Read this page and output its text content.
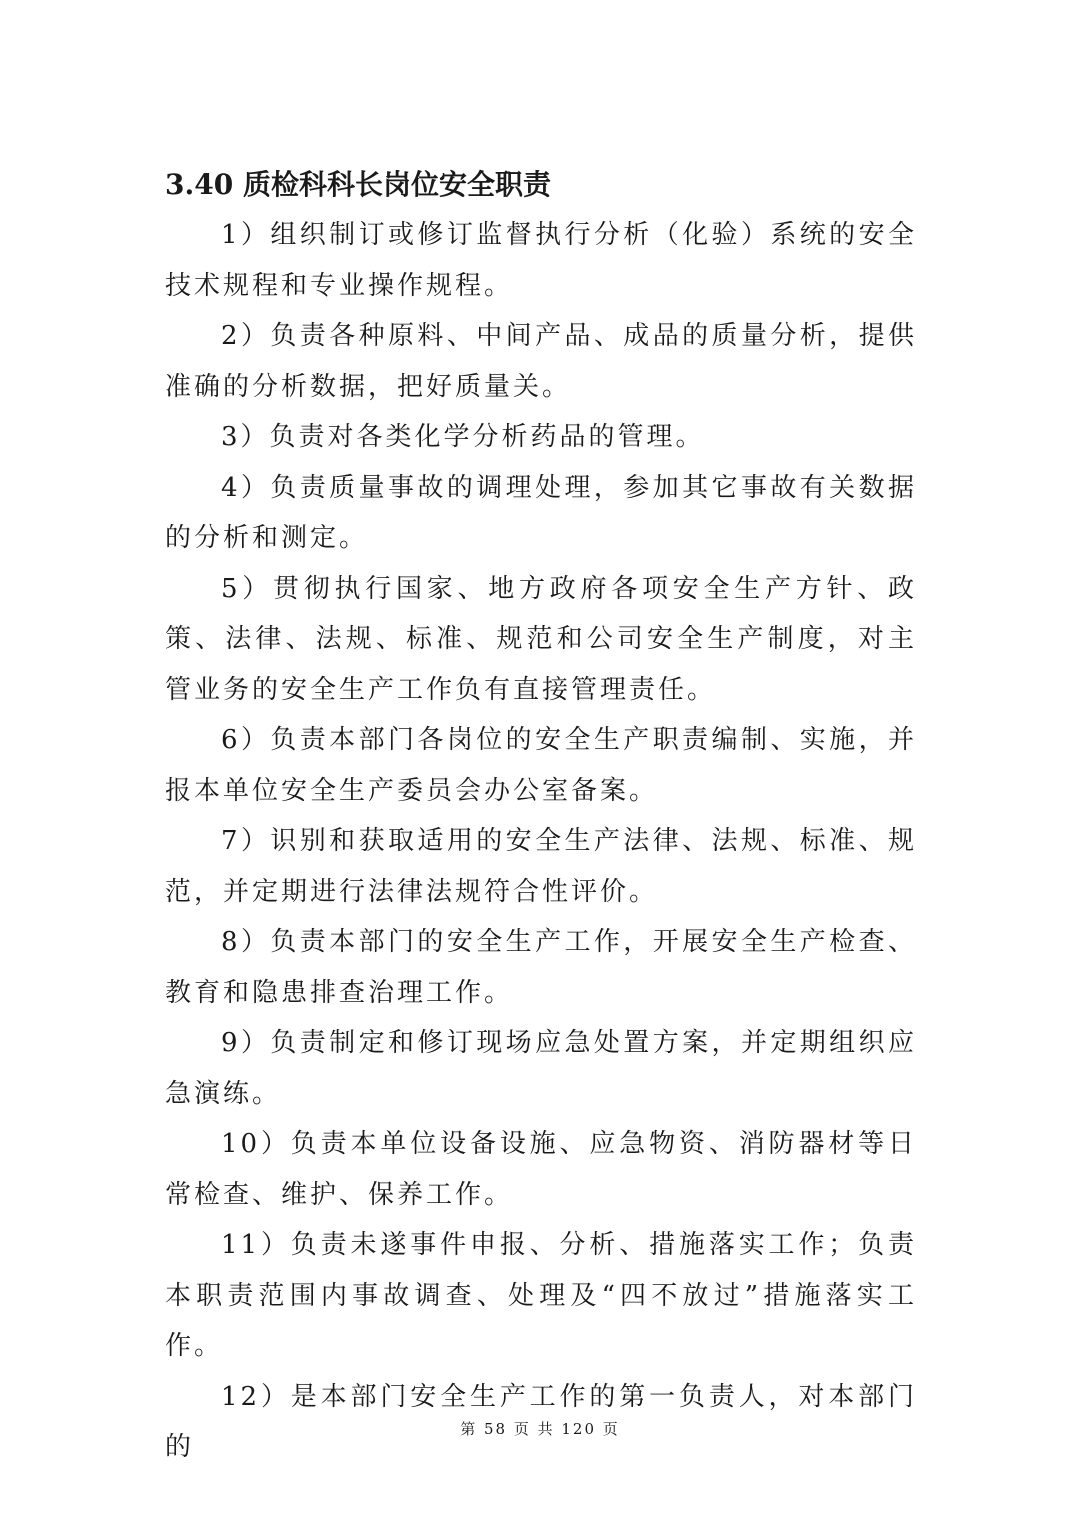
3.40 质检科科长岗位安全职责

1）组织制订或修订监督执行分析（化验）系统的安全技术规程和专业操作规程。

2）负责各种原料、中间产品、成品的质量分析，提供准确的分析数据，把好质量关。

3）负责对各类化学分析药品的管理。

4）负责质量事故的调理处理，参加其它事故有关数据的分析和测定。

5）贯彻执行国家、地方政府各项安全生产方针、政策、法律、法规、标准、规范和公司安全生产制度，对主管业务的安全生产工作负有直接管理责任。

6）负责本部门各岗位的安全生产职责编制、实施，并报本单位安全生产委员会办公室备案。

7）识别和获取适用的安全生产法律、法规、标准、规范，并定期进行法律法规符合性评价。

8）负责本部门的安全生产工作，开展安全生产检查、教育和隐患排查治理工作。

9）负责制定和修订现场应急处置方案，并定期组织应急演练。

10）负责本单位设备设施、应急物资、消防器材等日常检查、维护、保养工作。

11）负责未遂事件申报、分析、措施落实工作；负责本职责范围内事故调查、处理及“四不放过”措施落实工作。

12）是本部门安全生产工作的第一负责人，对本部门的

第 58 页 共 120 页
